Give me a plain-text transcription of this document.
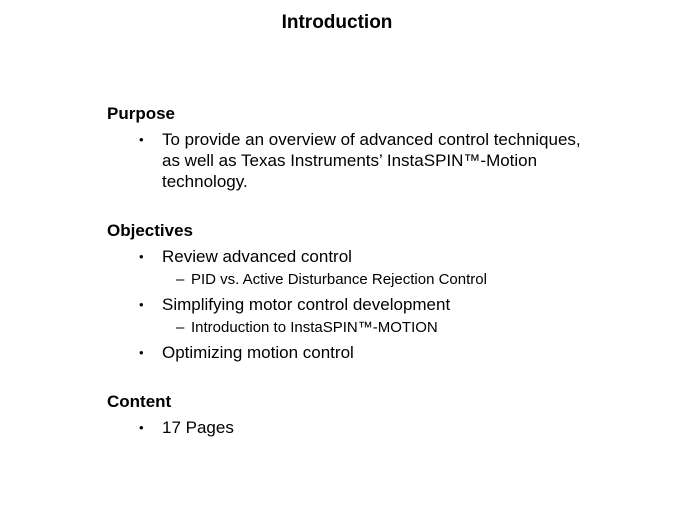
Introduction
Purpose
• To provide an overview of advanced control techniques, as well as Texas Instruments’ InstaSPIN™-Motion technology.
Objectives
• Review advanced control
– PID vs. Active Disturbance Rejection Control
• Simplifying motor control development
– Introduction to InstaSPIN™-MOTION
• Optimizing motion control
Content
• 17 Pages
